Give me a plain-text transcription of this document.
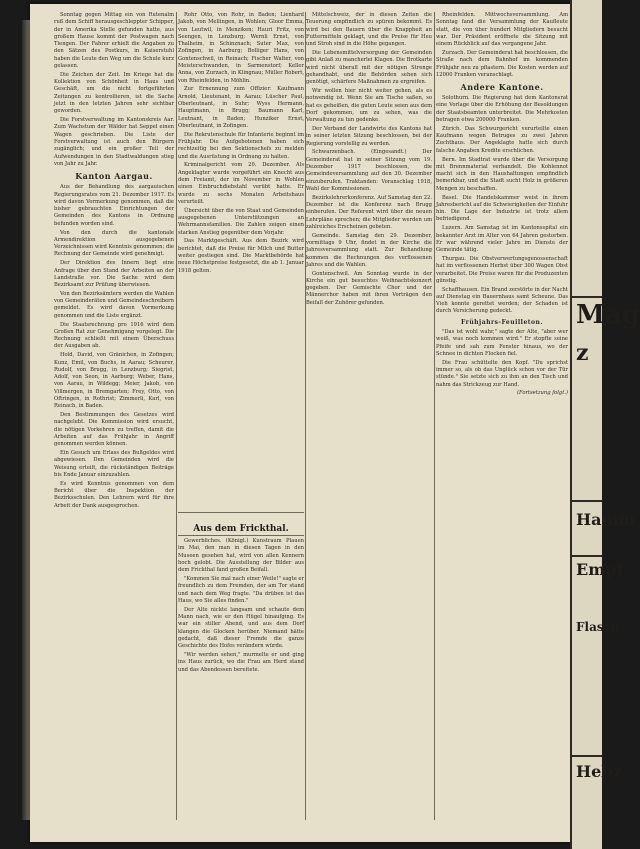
Sonntag gegen Mittag ein von Rutenalm ruß dem Schiff herausgeschleppter Schipper, der in Amerika Stelle gefunden hatte, aus großem Hause kommt der Postwagen nach Tiengen. Der Fahrer erhielt die Angaben zu den Sätzen des Postkurs, in Kaiserstuhl haben die Leute den Weg um die Schule kurz gelassen.

Die Zeichen der Zeit. Im Kriege hat die Kollektion von Schönheit in Haus und Geschäft, um die nicht fortgeführten Zeitungen zu kontrollieren, ist die Sache jetzt in den letzten Jahren sehr sichtbar geworden.

Die Forstverwaltung im Kantonskreis Aar. Zum Wachstum der Wälder hat Seppel einen Wagen geschrieben. Die Liste der Forstverwaltung ist auch den Bürgern zugänglich; und ein großer Teil der Aufwendungen in den Stadtwaldungen stieg von Jahr zu Jahr.

Kanton Aargau.

Aus der Behandlung des aargauischen Regierungsrates vom 21. Dezember 1917. Es wird davon Vormerkung genommen, daß die bisher gebrauchten Einrichtungen der Gemeinden des Kantons in Ordnung befunden worden sind.

Von den durch die kantonale Armendirektion ausgegebenen Verzeichnissen wird Kenntnis genommen; die Rechnung der Gemeinde wird genehmigt.

Der Direktion des Innern liegt eine Anfrage über den Stand der Arbeiten an der Landstraße vor. Die Sache wird dem Bezirksamt zur Prüfung überwiesen.

Von den Bezirksämtern werden die Wahlen von Gemeinderäten und Gemeindeschreibern gemeldet. Es wird davon Vormerkung genommen und die Liste ergänzt.

Die Staatsrechnung pro 1916 wird dem Großen Rat zur Genehmigung vorgelegt. Die Rechnung schließt mit einem Überschuss der Ausgaben ab.

Hold, David, von Gränichen, in Zofingen; Kunz, Emil, von Buchs, in Aarau; Scheurer, Rudolf, von Brugg, in Lenzburg; Siegrist, Adolf, von Seon, in Aarburg; Weber, Hans, von Aarau, in Wildegg; Meier, Jakob, von Villmergen, in Bremgarten; Frey, Otto, von Oftringen, in Rothrist; Zimmerli, Karl, von Reinach, in Baden.

Den Bestimmungen des Gesetzes wird nachgelebt. Die Kommission wird ersucht, die nötigen Vorkehren zu treffen, damit die Arbeiten auf das Frühjahr in Angriff genommen werden können.

Ein Gesuch um Erlass des Bußgeldes wird abgewiesen. Den Gemeinden wird die Weisung erteilt, die rückständigen Beiträge bis Ende Januar einzuzahlen.

Es wird Kenntnis genommen von dem Bericht über die Inspektion der Bezirksschulen. Den Lehrern wird für ihre Arbeit der Dank ausgesprochen.

Rohr Otto, von Rohr, in Baden; Lienhard Jakob, von Mellingen, in Wohlen; Gloor Emma, von Leutwil, in Menziken; Hauri Fritz, von Seengen, in Lenzburg; Wernli Ernst, von Thalheim, in Schinznach; Suter Max, von Zofingen, in Aarburg; Bolliger Hans, von Gontenschwil, in Reinach; Fischer Walter, von Meisterschwanden, in Sarmenstorf; Keller Anna, von Zurzach, in Klingnau; Müller Robert, von Rheinfelden, in Möhlin.

Zur Ernennung zum Offizier: Kaufmann Arnold, Lieutenant, in Aarau; Lüscher Paul, Oberleutnant, in Suhr; Wyss Hermann, Hauptmann, in Brugg; Baumann Karl, Leutnant, in Baden; Hunziker Ernst, Oberleutnant, in Zofingen.

Die Rekrutenschule für Infanterie beginnt im Frühjahr. Die Aufgebotenen haben sich rechtzeitig bei den Sektionschefs zu melden und die Ausrüstung in Ordnung zu halten.

Kriminalgericht vom 20. Dezember. Als Angeklagter wurde vorgeführt ein Knecht aus dem Freiamt, der im November in Wohlen einen Einbruchdiebstahl verübt hatte. Er wurde zu sechs Monaten Arbeitshaus verurteilt.

Übersicht über die von Staat und Gemeinden ausgegebenen Unterstützungen an Wehrmannsfamilien. Die Zahlen zeigen einen starken Anstieg gegenüber dem Vorjahr.

Das Marktgeschäft. Aus dem Bezirk wird berichtet, daß die Preise für Milch und Butter weiter gestiegen sind. Die Marktbehörde hat neue Höchstpreise festgesetzt, die ab 1. Januar 1918 gelten.

Aus dem Frickthal.

Gewerbliches. (Königl.) Kunstraum Plauen im Mai, den man in diesen Tagen in den Museen gesehen hat, wird von allen Kennern hoch gelobt. Die Ausstellung der Bilder aus dem Frickthal fand großen Beifall.

"Kommen Sie mal nach einer Weile!" sagte er freundlich zu dem Fremden, der am Tor stand und nach dem Weg fragte. "Da drüben ist das Haus, wo Sie alles finden."

Der Alte nickte langsam und schaute dem Mann nach, wie er den Hügel hinaufging. Es war ein stiller Abend, und aus dem Dorf klangen die Glocken herüber. Niemand hätte gedacht, daß dieser Fremde die ganze Geschichte des Hofes verändern würde.

"Wir werden sehen," murmelte er und ging ins Haus zurück, wo die Frau am Herd stand und das Abendessen bereitete.

Mittelschweiz, der in diesen Zeiten die Teuerung empfindlich zu spüren bekommt. Es wird bei den Bauern über die Knappheit an Futtermitteln geklagt, und die Preise für Heu und Stroh sind in die Höhe gegangen.

Die Lebensmittelversorgung der Gemeinden gibt Anlaß zu mancherlei Klagen. Die Brotkarte wird nicht überall mit der nötigen Strenge gehandhabt, und die Behörden sehen sich genötigt, schärfere Maßnahmen zu ergreifen.

Wir wollen hier nicht weiter gehen, als es notwendig ist. Wenn Sie am Tische saßen, so hat es geheißen, die guten Leute seien aus dem Dorf gekommen, um zu sehen, was die Verwaltung zu tun gedenke.

Der Verband der Landwirte des Kantons hat in seiner letzten Sitzung beschlossen, bei der Regierung vorstellig zu werden.

Schwarzenbach. (Eingesandt.) Der Gemeinderat hat in seiner Sitzung vom 19. Dezember 1917 beschlossen, die Gemeindeversammlung auf den 30. Dezember einzuberufen. Traktanden: Voranschlag 1918, Wahl der Kommissionen.

Bezirkslehrerkonferenz. Auf Samstag den 22. Dezember ist die Konferenz nach Brugg einberufen. Der Referent wird über die neuen Lehrpläne sprechen; die Mitglieder werden um zahlreiches Erscheinen gebeten.

Gemeinde. Samstag den 29. Dezember, vormittags 9 Uhr, findet in der Kirche die Jahresversammlung statt. Zur Behandlung kommen die Rechnungen des verflossenen Jahres und die Wahlen.

Gontenschwil. Am Sonntag wurde in der Kirche ein gut besuchtes Weihnachtskonzert gegeben. Der Gemischte Chor und der Männerchor haben mit ihren Vorträgen den Beifall der Zuhörer gefunden.

Rheinfelden. Mittwochsversammlung. Am Sonntag fand die Versammlung der Kaufleute statt, die von über hundert Mitgliedern besucht war. Der Präsident eröffnete die Sitzung mit einem Rückblick auf das vergangene Jahr.

Zurzach. Der Gemeinderat hat beschlossen, die Straße nach dem Bahnhof im kommenden Frühjahr neu zu pflastern. Die Kosten werden auf 12000 Franken veranschlagt.

Andere Kantone.

Solothurn. Die Regierung hat dem Kantonsrat eine Vorlage über die Erhöhung der Besoldungen der Staatsbeamten unterbreitet. Die Mehrkosten betragen etwa 200000 Franken.

Zürich. Das Schwurgericht verurteilte einen Kaufmann wegen Betruges zu zwei Jahren Zuchthaus. Der Angeklagte hatte sich durch falsche Angaben Kredite erschlichen.

Bern. Im Stadtrat wurde über die Versorgung mit Brennmaterial verhandelt. Die Kohlennot macht sich in den Haushaltungen empfindlich bemerkbar, und die Stadt sucht Holz in größeren Mengen zu beschaffen.

Basel. Die Handelskammer weist in ihrem Jahresbericht auf die Schwierigkeiten der Einfuhr hin. Die Lage der Industrie ist trotz allem befriedigend.

Luzern. Am Samstag ist im Kantonsspital ein bekannter Arzt im Alter von 64 Jahren gestorben. Er war während vieler Jahre im Dienste der Gemeinde tätig.

Thurgau. Die Obstverwertungsgenossenschaft hat im verflossenen Herbst über 300 Wagen Obst verarbeitet. Die Preise waren für die Produzenten günstig.

Schaffhausen. Ein Brand zerstörte in der Nacht auf Dienstag ein Bauernhaus samt Scheune. Das Vieh konnte gerettet werden; der Schaden ist durch Versicherung gedeckt.

Frühjahrs-Feuilleton.

"Das ist wohl wahr," sagte der Alte, "aber wer weiß, was noch kommen wird." Er stopfte seine Pfeife und sah zum Fenster hinaus, wo der Schnee in dichten Flocken fiel.

Die Frau schüttelte den Kopf. "Du sprichst immer so, als ob das Unglück schon vor der Tür stünde." Sie setzte sich zu ihm an den Tisch und nahm das Strickzeug zur Hand.

(Fortsetzung folgt.)

Mag
z
Hamm
Empf
Flasch
Hebz
